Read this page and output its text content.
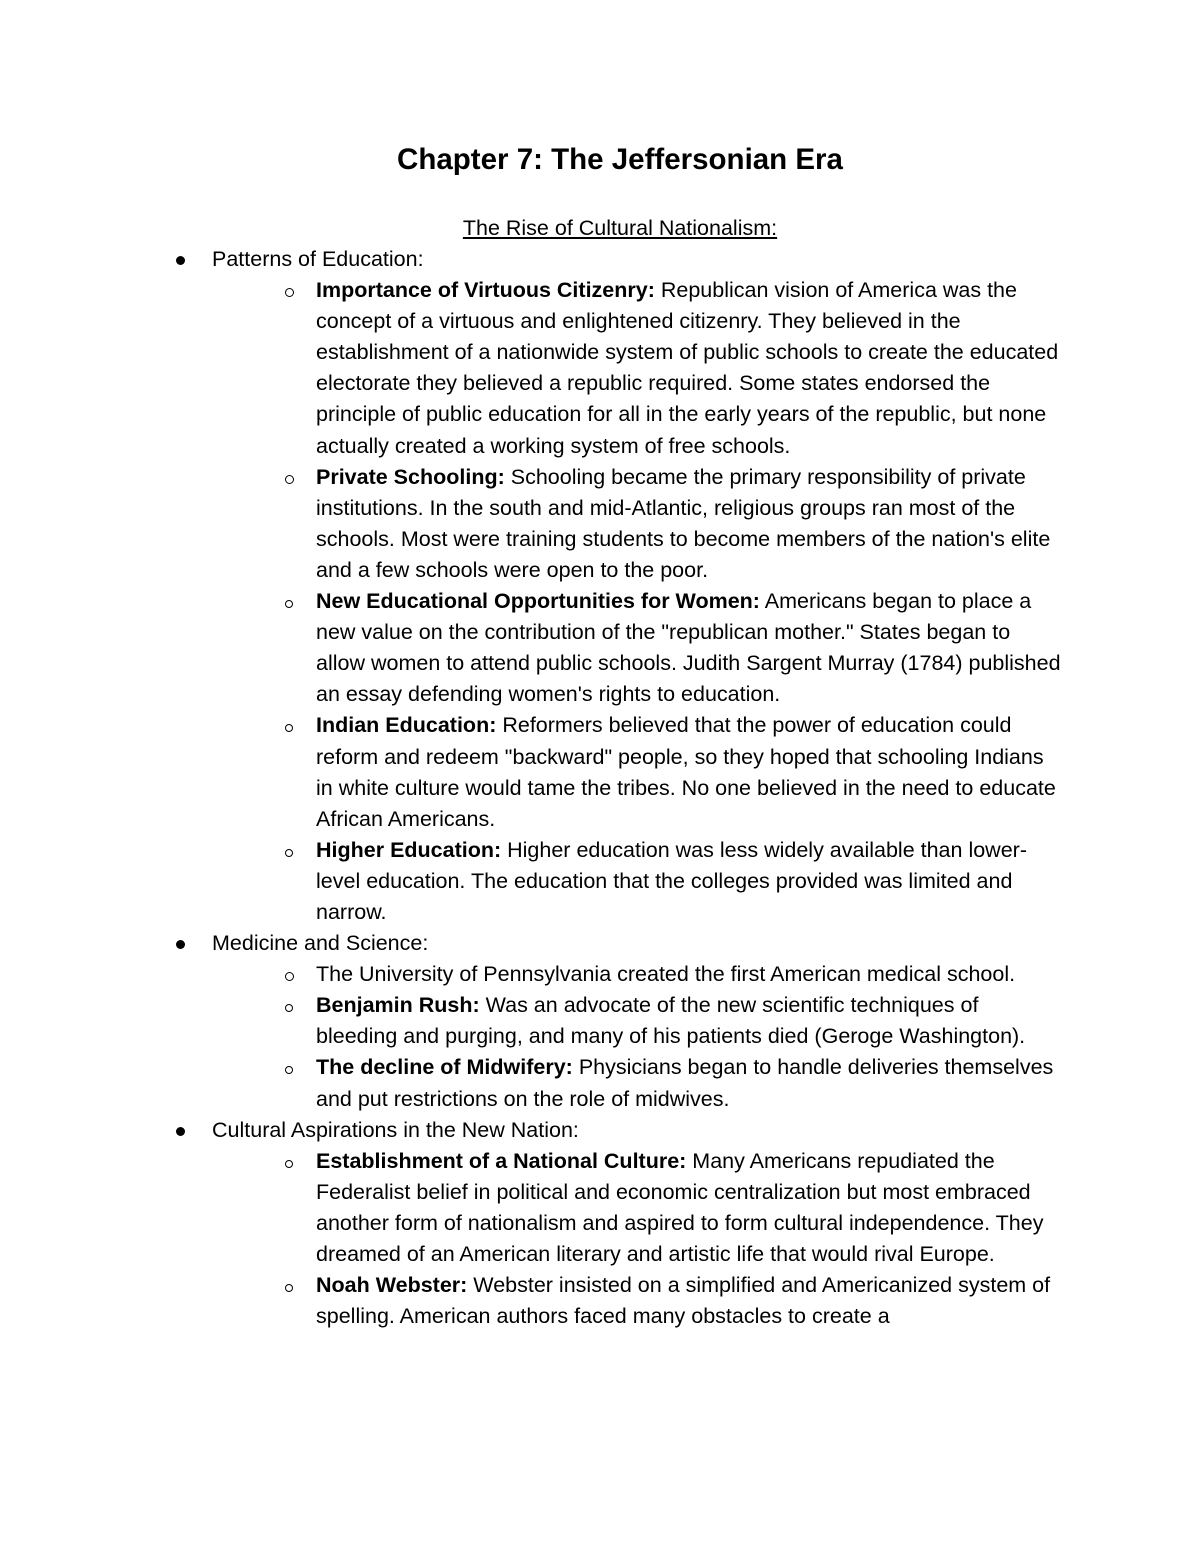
Chapter 7: The Jeffersonian Era
The Rise of Cultural Nationalism:
Patterns of Education:
Importance of Virtuous Citizenry: Republican vision of America was the concept of a virtuous and enlightened citizenry. They believed in the establishment of a nationwide system of public schools to create the educated electorate they believed a republic required. Some states endorsed the principle of public education for all in the early years of the republic, but none actually created a working system of free schools.
Private Schooling: Schooling became the primary responsibility of private institutions. In the south and mid-Atlantic, religious groups ran most of the schools. Most were training students to become members of the nation's elite and a few schools were open to the poor.
New Educational Opportunities for Women: Americans began to place a new value on the contribution of the "republican mother." States began to allow women to attend public schools. Judith Sargent Murray (1784) published an essay defending women's rights to education.
Indian Education: Reformers believed that the power of education could reform and redeem "backward" people, so they hoped that schooling Indians in white culture would tame the tribes. No one believed in the need to educate African Americans.
Higher Education: Higher education was less widely available than lower-level education. The education that the colleges provided was limited and narrow.
Medicine and Science:
The University of Pennsylvania created the first American medical school.
Benjamin Rush: Was an advocate of the new scientific techniques of bleeding and purging, and many of his patients died (Geroge Washington).
The decline of Midwifery: Physicians began to handle deliveries themselves and put restrictions on the role of midwives.
Cultural Aspirations in the New Nation:
Establishment of a National Culture: Many Americans repudiated the Federalist belief in political and economic centralization but most embraced another form of nationalism and aspired to form cultural independence. They dreamed of an American literary and artistic life that would rival Europe.
Noah Webster: Webster insisted on a simplified and Americanized system of spelling. American authors faced many obstacles to create a
